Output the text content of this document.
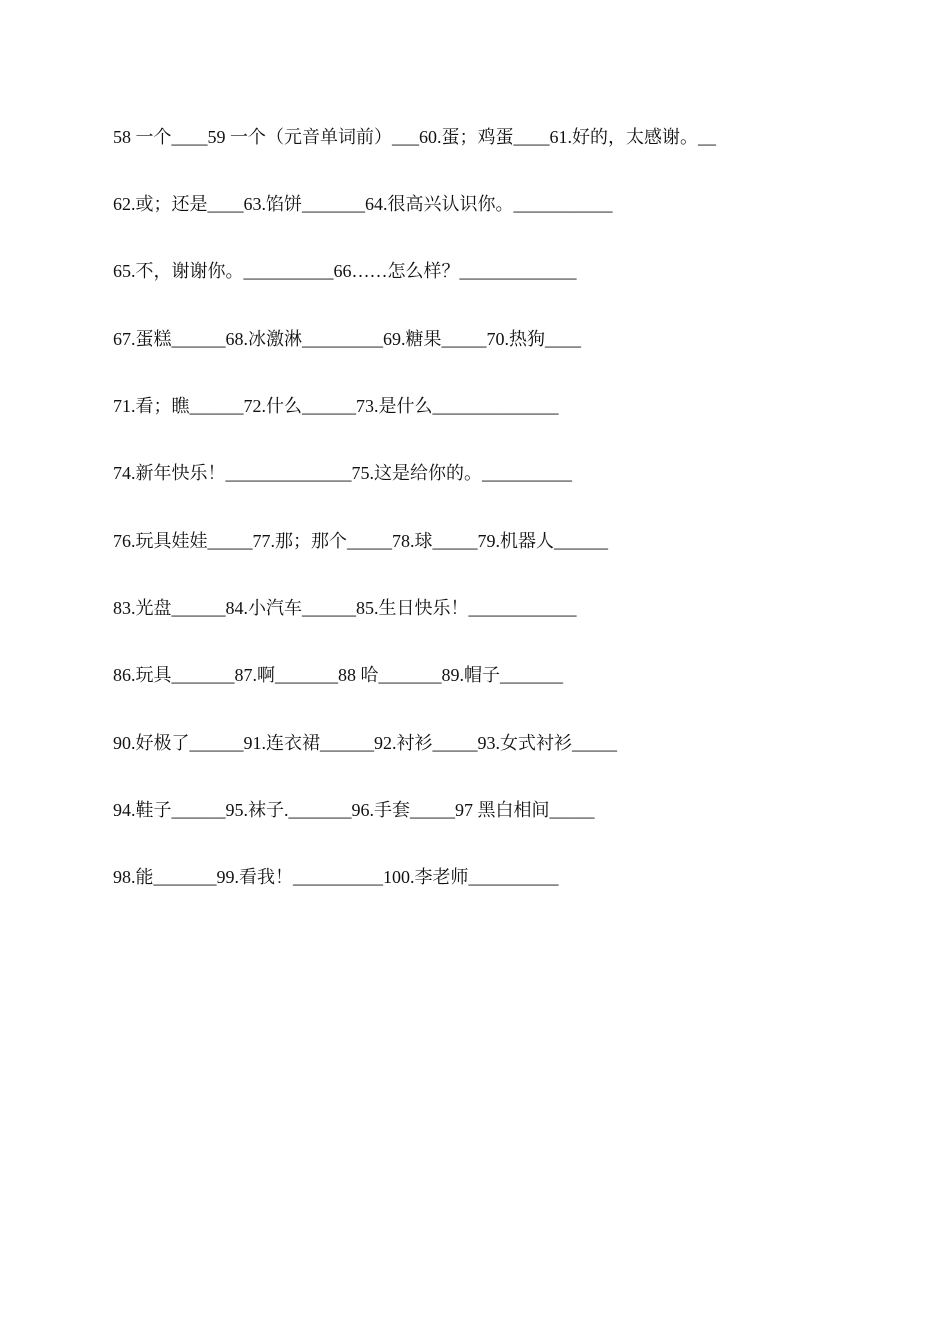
58 一个____59 一个（元音单词前）___60.蛋；鸡蛋____61.好的，太感谢。__
62.或；还是____63.馅饼_______64.很高兴认识你。___________
65.不，谢谢你。__________66……怎么样？_____________
67.蛋糕______68.冰激淋_________69.糖果_____70.热狗____
71.看；瞧______72.什么______73.是什么______________
74.新年快乐！______________75.这是给你的。__________
76.玩具娃娃_____77.那；那个_____78.球_____79.机器人______
83.光盘______84.小汽车______85.生日快乐！____________
86.玩具_______87.啊_______88 哈_______89.帽子_______
90.好极了______91.连衣裙______92.衬衫_____93.女式衬衫_____
94.鞋子______95.袜子._______96.手套_____97 黑白相间_____
98.能_______99.看我！__________100.李老师__________
